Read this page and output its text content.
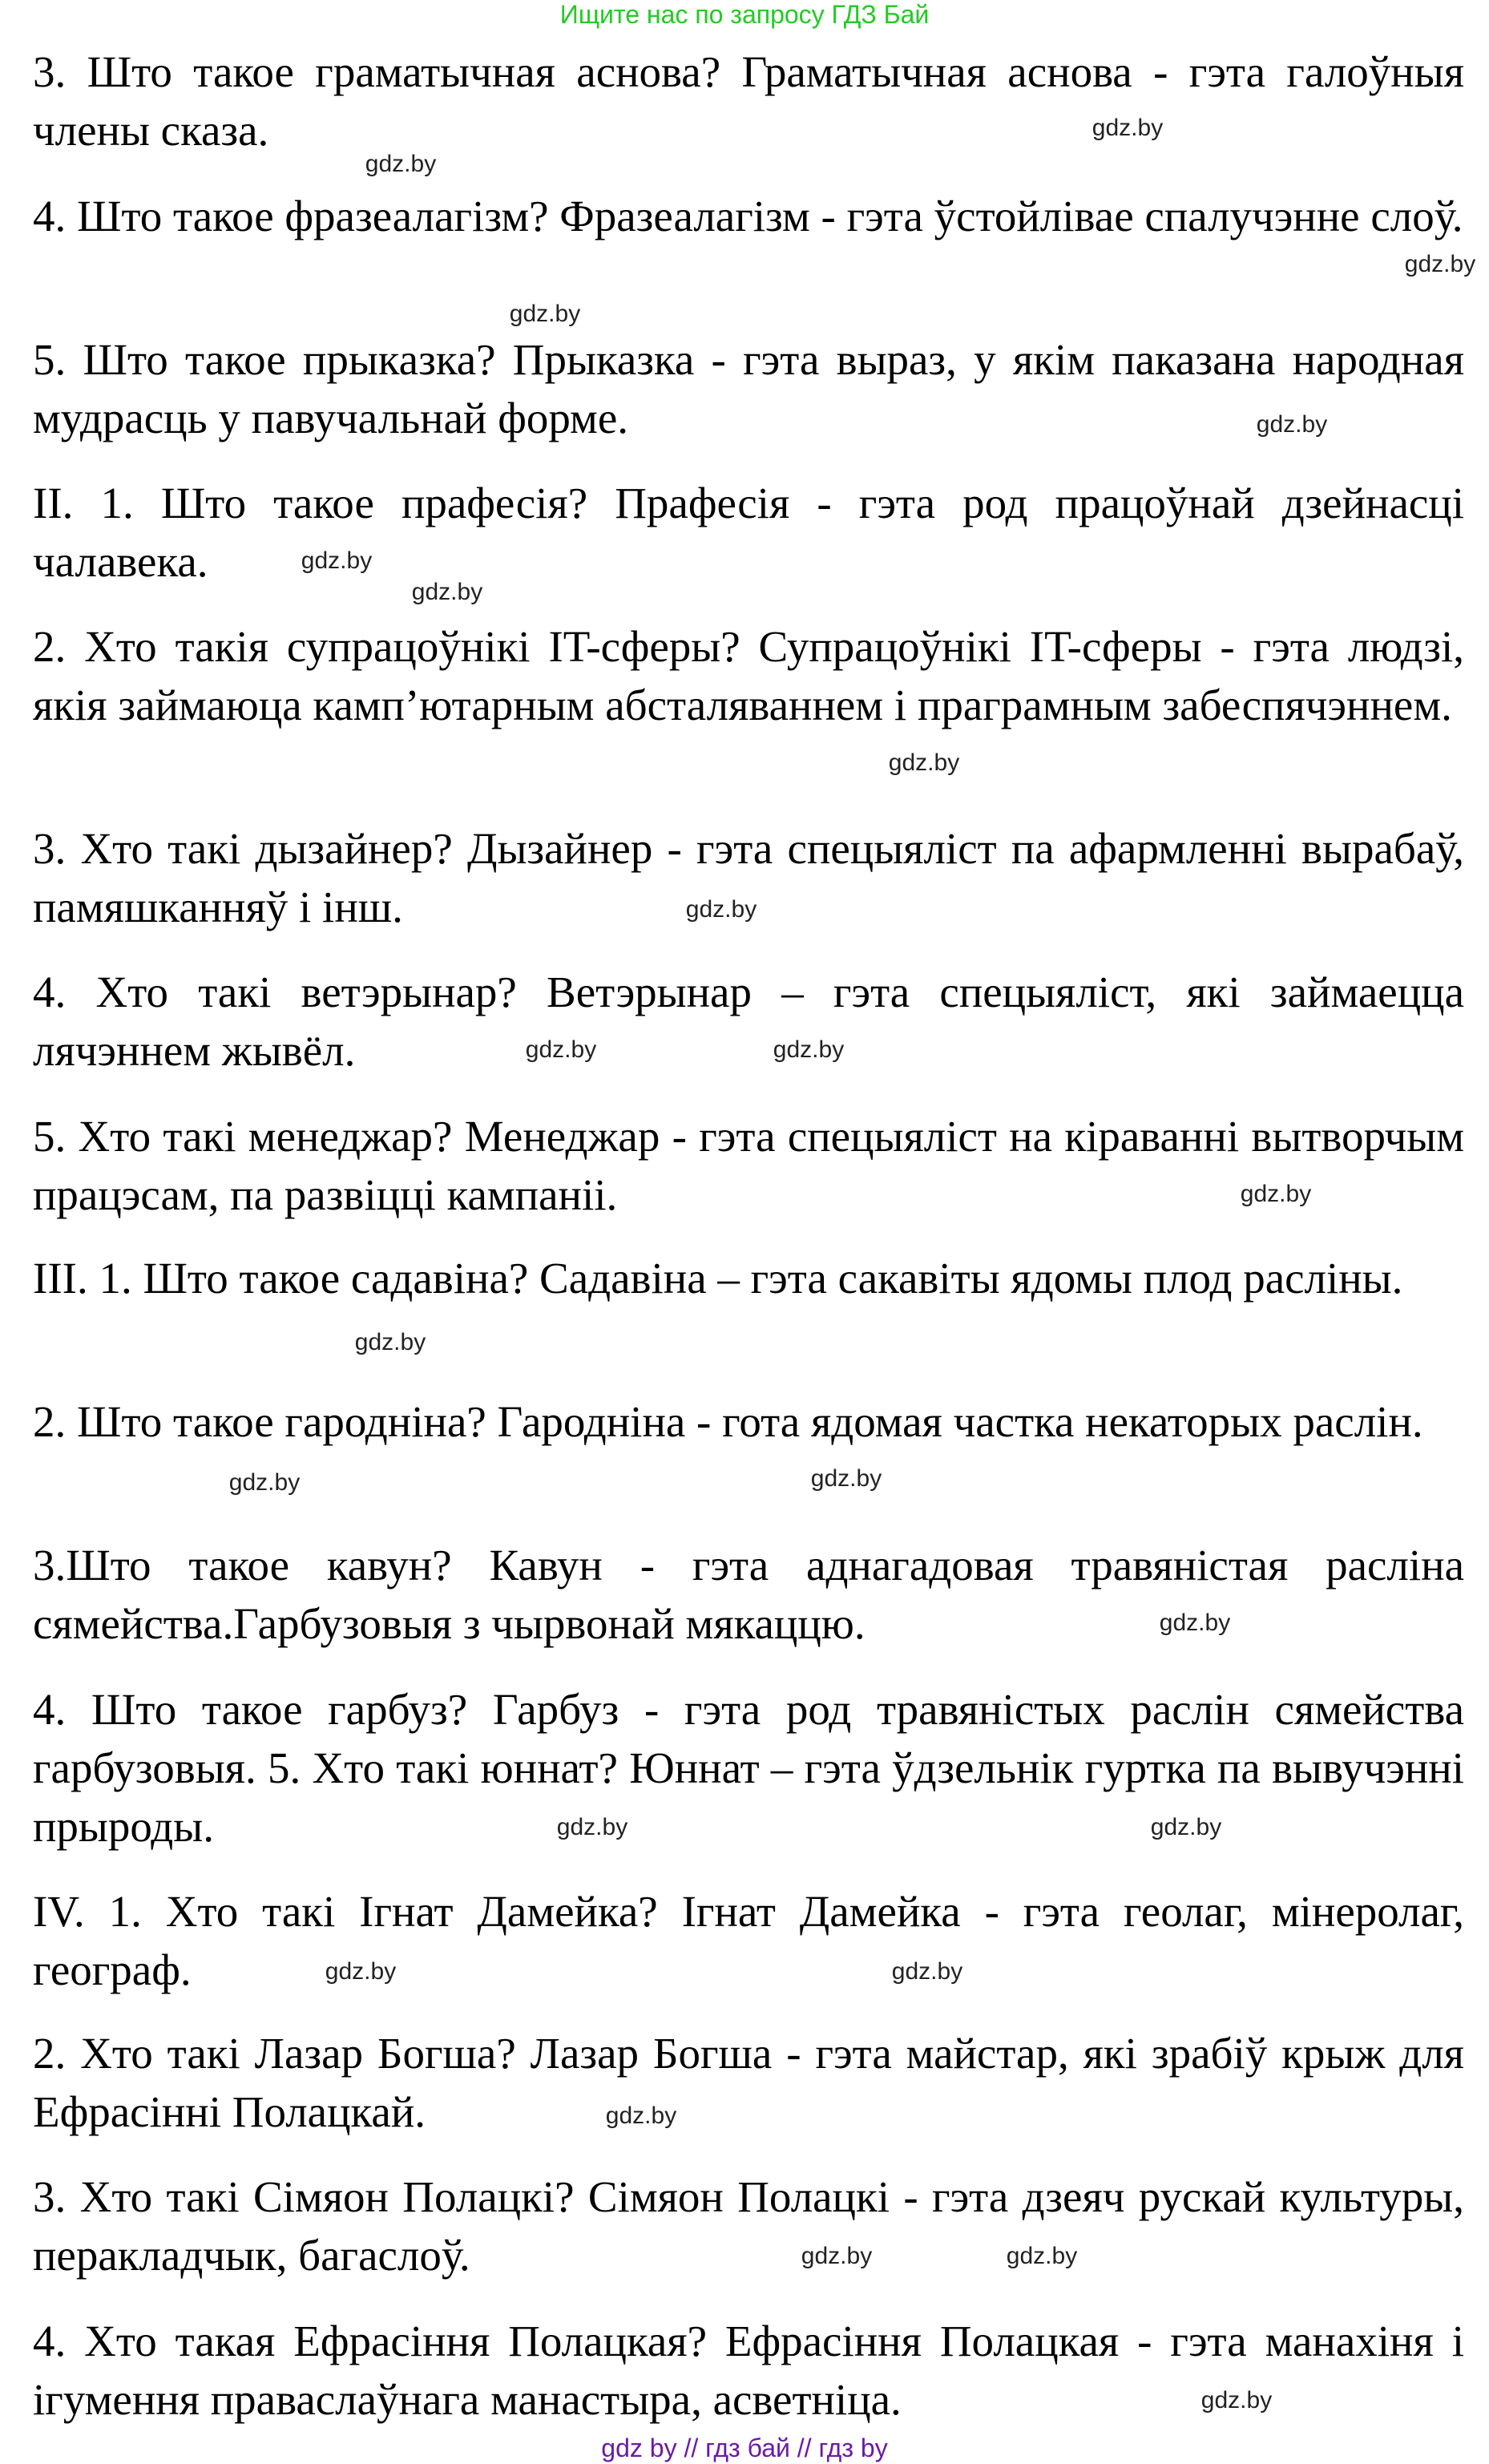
Ищите нас по запросу ГДЗ Бай

3. Што такое граматычная аснова? Граматычная аснова - гэта галоўныя члены сказа.

4. Што такое фразеалагізм? Фразеалагізм - гэта ўстойлівае спалучэнне слоў.

5. Што такое прыказка? Прыказка - гэта выраз, у якім паказана народная мудрасць у павучальнай форме.

II. 1. Што такое прафесія? Прафесія - гэта род працоўнай дзейнасці чалавека.

2. Хто такія супрацоўнікі IT-сферы? Супрацоўнікі IT-сферы - гэта людзі, якія займаюца камп’ютарным абсталяваннем і праграмным забеспячэннем.

3. Хто такі дызайнер? Дызайнер - гэта спецыяліст па афармленні вырабаў, памяшканняў і інш.

4. Хто такі ветэрынар? Ветэрынар – гэта спецыяліст, які займаецца лячэннем жывёл.

5. Хто такі менеджар? Менеджар - гэта спецыяліст на кіраванні вытворчым працэсам, па развіцці кампаніі.

III. 1. Што такое садавіна? Садавіна – гэта сакавіты ядомы плод расліны.

2. Што такое гародніна? Гародніна - гота ядомая частка некаторых раслін.

3.Што такое кавун? Кавун - гэта аднагадовая травяністая расліна сямейства.Гарбузовыя з чырвонай мякаццю.

4. Што такое гарбуз? Гарбуз - гэта род травяністых раслін сямейства гарбузовыя. 5. Хто такі юннат? Юннат – гэта ўдзельнік гуртка па вывучэнні прыроды.

IV. 1. Хто такі Ігнат Дамейка? Ігнат Дамейка - гэта геолаг, мінеролаг, географ.

2. Хто такі Лазар Богша? Лазар Богша - гэта майстар, які зрабіў крыж для Ефрасінні Полацкай.

3. Хто такі Сімяон Полацкі? Сімяон Полацкі - гэта дзеяч рускай культуры, перакладчык, багаслоў.

4. Хто такая Ефрасіння Полацкая? Ефрасіння Полацкая - гэта манахіня і ігумення праваслаўнага манастыра, асветніца.

gdz.by
gdz.by
gdz.by
gdz.by
gdz.by
gdz.by
gdz.by
gdz.by
gdz.by
gdz.by	gdz.by
gdz.by
gdz.by
gdz.by
gdz.by
gdz.by
gdz.by
gdz.by
gdz.by
gdz.by
gdz.by
gdz.by	gdz.by
gdz.by
gdz by // гдз бай // гдз by
